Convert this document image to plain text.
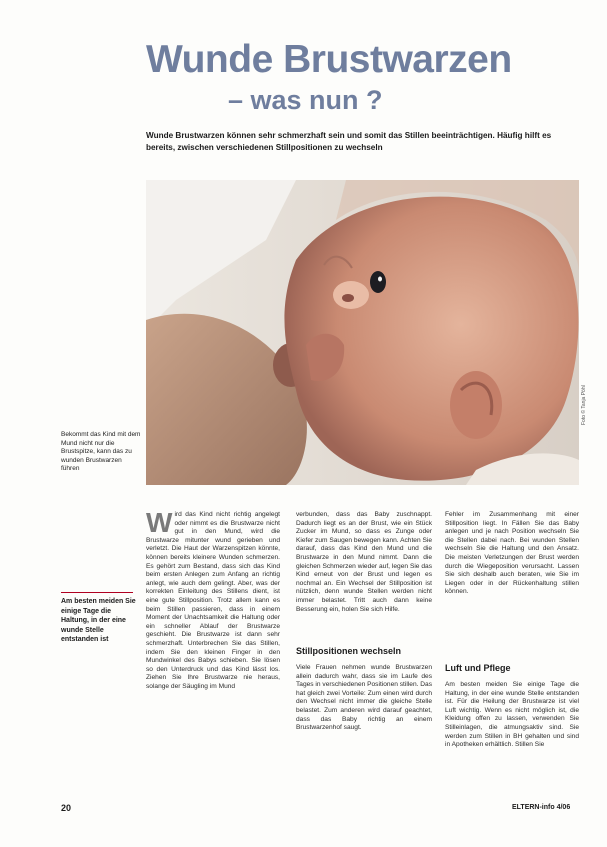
Wunde Brustwarzen
– was nun ?
Wunde Brustwarzen können sehr schmerzhaft sein und somit das Stillen beeinträchtigen. Häufig hilft es bereits, zwischen verschiedenen Stillpositionen zu wechseln
Foto © Tanja Pöhl
Bekommt das Kind mit dem Mund nicht nur die Brustspitze, kann das zu wunden Brustwarzen führen
Am besten meiden Sie einige Tage die Haltung, in der eine wunde Stelle entstanden ist
Wird das Kind nicht richtig angelegt oder nimmt es die Brustwarze nicht gut in den Mund, wird die Brustwarze mitunter wund gerieben und verletzt. Die Haut der Warzenspitzen könnte, können bereits kleinere Wunden schmerzen. Es gehört zum Bestand, dass sich das Kind beim ersten Anlegen zum Anfang an richtig anlegt, wie auch dem gelingt. Aber, was der korrekten Einleitung des Stillens dient, ist eine gute Stillposition. Trotz allem kann es beim Stillen passieren, dass in einem Moment der Unachtsamkeit die Haltung oder ein schneller Ablauf der Brustwarze geschieht. Die Brustwarze ist dann sehr schmerzhaft. Unterbrechen Sie das Stillen, indem Sie den kleinen Finger in den Mundwinkel des Babys schieben. Sie lösen so den Unterdruck und das Kind lässt los. Ziehen Sie Ihre Brustwarze nie heraus, solange der Säugling im Mund
verbunden, dass das Baby zuschnappt. Dadurch liegt es an der Brust, wie ein Stück Zucker im Mund, so dass es Zunge oder Kiefer zum Saugen bewegen kann. Achten Sie darauf, dass das Kind den Mund und die Brustwarze in den Mund nimmt. Dann die gleichen Schmerzen wieder auf, legen Sie das Kind erneut von der Brust und legen es nochmal an. Ein Wechsel der Stillposition ist nützlich, denn wunde Stellen werden nicht immer belastet. Tritt auch dann keine Besserung ein, holen Sie sich Hilfe.
Stillpositionen wechseln
Viele Frauen nehmen wunde Brustwarzen allein dadurch wahr, dass sie im Laufe des Tages in verschiedenen Positionen stillen. Das hat gleich zwei Vorteile: Zum einen wird durch den Wechsel nicht immer die gleiche Stelle belastet. Zum anderen wird darauf geachtet, dass das Baby richtig an einem Brustwarzenhof saugt.
Fehler im Zusammenhang mit einer Stillposition liegt. In Fällen Sie das Baby anlegen und je nach Position wechseln Sie die Stellen dabei nach. Bei wunden Stellen wechseln Sie die Haltung und den Ansatz. Die meisten Verletzungen der Brust werden durch die Wiegeposition verursacht. Lassen Sie sich deshalb auch beraten, wie Sie im Liegen oder in der Rückenhaltung stillen können.
Luft und Pflege
Am besten meiden Sie einige Tage die Haltung, in der eine wunde Stelle entstanden ist. Für die Heilung der Brustwarze ist viel Luft wichtig. Wenn es nicht möglich ist, die Kleidung offen zu lassen, verwenden Sie Stilleinlagen, die atmungsaktiv sind. Sie werden zum Stillen in BH gehalten und sind in Apotheken erhältlich. Stillen Sie
20	ELTERN-info 4/06
